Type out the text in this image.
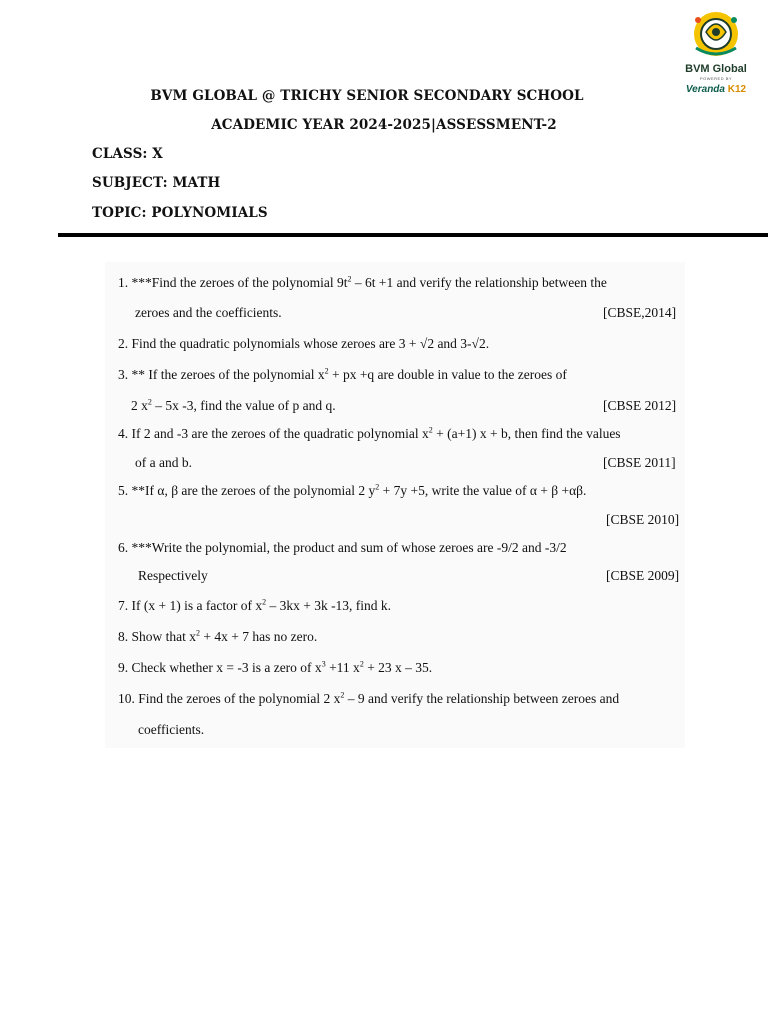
BVM Global
POWERED BY
Veranda K12
BVM GLOBAL @ TRICHY SENIOR SECONDARY SCHOOL
ACADEMIC YEAR 2024-2025|ASSESSMENT-2
CLASS: X
SUBJECT: MATH
TOPIC: POLYNOMIALS
1. ***Find the zeroes of the polynomial $9t^2 - 6t +1$ and verify the relationship between the
zeroes and the coefficients.	[CBSE,2014]
2. Find the quadratic polynomials whose zeroes are 3 + √2 and 3-√2.
3. ** If the zeroes of the polynomial $x^2$ + px +q are double in value to the zeroes of
2 $x^2 - 5x$ -3, find the value of p and q.	[CBSE 2012]
4. If 2 and -3 are the zeroes of the quadratic polynomial $x^2 + (a+1) x + b$, then find the values
of a and b.	[CBSE 2011]
5. **If α, β are the zeroes of the polynomial 2 $y^2 + 7y +5$, write the value of α + β +αβ.
[CBSE 2010]
6. ***Write the polynomial, the product and sum of whose zeroes are -9/2 and -3/2
Respectively	[CBSE 2009]
7. If (x + 1) is a factor of $x^2 - 3kx + 3k$ -13, find k.
8. Show that $x^2 + 4x + 7$ has no zero.
9. Check whether x = -3 is a zero of $x^3 +11$ $x^2 + 23$ x – 35.
10. Find the zeroes of the polynomial 2 $x^2 - 9$ and verify the relationship between zeroes and
coefficients.
